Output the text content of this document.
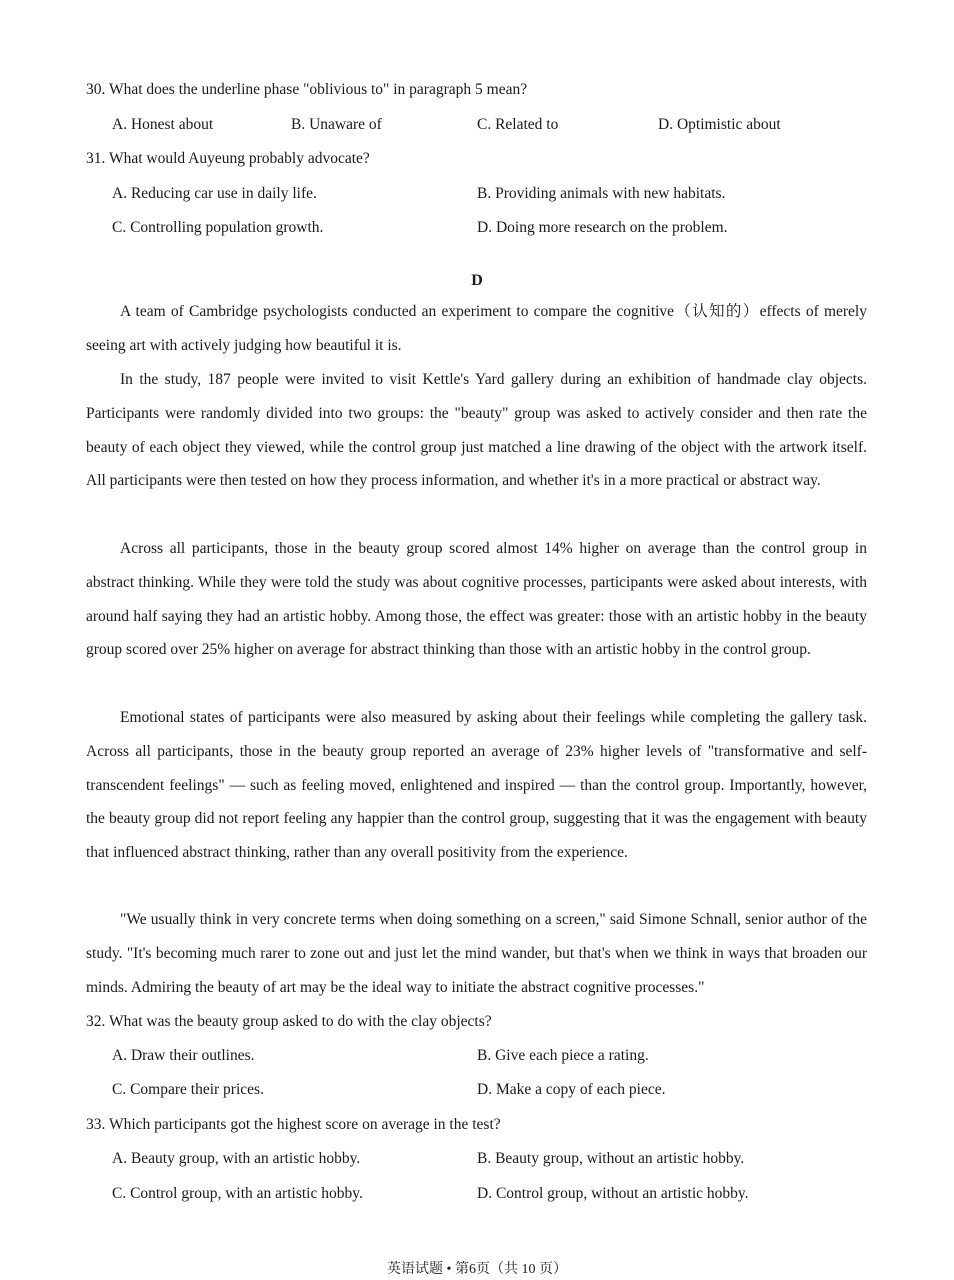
30. What does the underline phase "oblivious to" in paragraph 5 mean?
A. Honest about	B. Unaware of	C. Related to	D. Optimistic about
31. What would Auyeung probably advocate?
A. Reducing car use in daily life.	B. Providing animals with new habitats.
C. Controlling population growth.	D. Doing more research on the problem.
D
A team of Cambridge psychologists conducted an experiment to compare the cognitive（认知的）effects of merely seeing art with actively judging how beautiful it is.
In the study, 187 people were invited to visit Kettle's Yard gallery during an exhibition of handmade clay objects. Participants were randomly divided into two groups: the "beauty" group was asked to actively consider and then rate the beauty of each object they viewed, while the control group just matched a line drawing of the object with the artwork itself. All participants were then tested on how they process information, and whether it's in a more practical or abstract way.
Across all participants, those in the beauty group scored almost 14% higher on average than the control group in abstract thinking. While they were told the study was about cognitive processes, participants were asked about interests, with around half saying they had an artistic hobby. Among those, the effect was greater: those with an artistic hobby in the beauty group scored over 25% higher on average for abstract thinking than those with an artistic hobby in the control group.
Emotional states of participants were also measured by asking about their feelings while completing the gallery task. Across all participants, those in the beauty group reported an average of 23% higher levels of "transformative and self-transcendent feelings" — such as feeling moved, enlightened and inspired — than the control group. Importantly, however, the beauty group did not report feeling any happier than the control group, suggesting that it was the engagement with beauty that influenced abstract thinking, rather than any overall positivity from the experience.
"We usually think in very concrete terms when doing something on a screen," said Simone Schnall, senior author of the study. "It's becoming much rarer to zone out and just let the mind wander, but that's when we think in ways that broaden our minds. Admiring the beauty of art may be the ideal way to initiate the abstract cognitive processes."
32. What was the beauty group asked to do with the clay objects?
A. Draw their outlines.	B. Give each piece a rating.
C. Compare their prices.	D. Make a copy of each piece.
33. Which participants got the highest score on average in the test?
A. Beauty group, with an artistic hobby.	B. Beauty group, without an artistic hobby.
C. Control group, with an artistic hobby.	D. Control group, without an artistic hobby.
英语试题 • 第6页（共 10 页）
